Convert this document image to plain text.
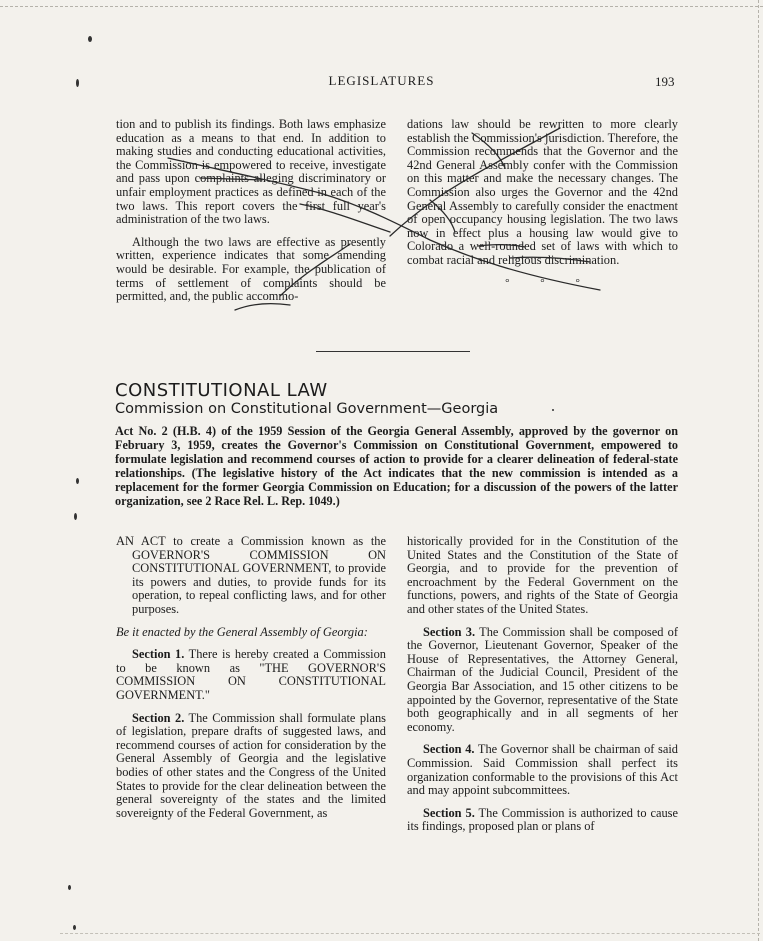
LEGISLATURES	193

tion and to publish its findings. Both laws emphasize education as a means to that end. In addition to making studies and conducting educational activities, the Commission is empowered to receive, investigate and pass upon complaints alleging discriminatory or unfair employment practices as defined in each of the two laws. This report covers the first full year's administration of the two laws.

Although the two laws are effective as presently written, experience indicates that some amending would be desirable. For example, the publication of terms of settlement of complaints should be permitted, and, the public accommo-

dations law should be rewritten to more clearly establish the Commission's jurisdiction. Therefore, the Commission recommends that the Governor and the 42nd General Assembly confer with the Commission on this matter and make the necessary changes. The Commission also urges the Governor and the 42nd General Assembly to carefully consider the enactment of open occupancy housing legislation. The two laws now in effect plus a housing law would give to Colorado a well-rounded set of laws with which to combat racial and religious discrimination.

° ° °
CONSTITUTIONAL LAW
Commission on Constitutional Government—Georgia

Act No. 2 (H.B. 4) of the 1959 Session of the Georgia General Assembly, approved by the governor on February 3, 1959, creates the Governor's Commission on Constitutional Government, empowered to formulate legislation and recommend courses of action to provide for a clearer delineation of federal-state relationships. (The legislative history of the Act indicates that the new commission is intended as a replacement for the former Georgia Commission on Education; for a discussion of the powers of the latter organization, see 2 Race Rel. L. Rep. 1049.)

AN ACT to create a Commission known as the GOVERNOR'S COMMISSION ON CONSTITUTIONAL GOVERNMENT, to provide its powers and duties, to provide funds for its operation, to repeal conflicting laws, and for other purposes.

Be it enacted by the General Assembly of Georgia:

Section 1. There is hereby created a Commission to be known as "THE GOVERNOR'S COMMISSION ON CONSTITUTIONAL GOVERNMENT."

Section 2. The Commission shall formulate plans of legislation, prepare drafts of suggested laws, and recommend courses of action for consideration by the General Assembly of Georgia and the legislative bodies of other states and the Congress of the United States to provide for the clear delineation between the general sovereignty of the states and the limited sovereignty of the Federal Government, as

historically provided for in the Constitution of the United States and the Constitution of the State of Georgia, and to provide for the prevention of encroachment by the Federal Government on the functions, powers, and rights of the State of Georgia and other states of the United States.

Section 3. The Commission shall be composed of the Governor, Lieutenant Governor, Speaker of the House of Representatives, the Attorney General, Chairman of the Judicial Council, President of the Georgia Bar Association, and 15 other citizens to be appointed by the Governor, representative of the State both geographically and in all segments of her economy.

Section 4. The Governor shall be chairman of said Commission. Said Commission shall perfect its organization conformable to the provisions of this Act and may appoint subcommittees.

Section 5. The Commission is authorized to cause its findings, proposed plan or plans of
